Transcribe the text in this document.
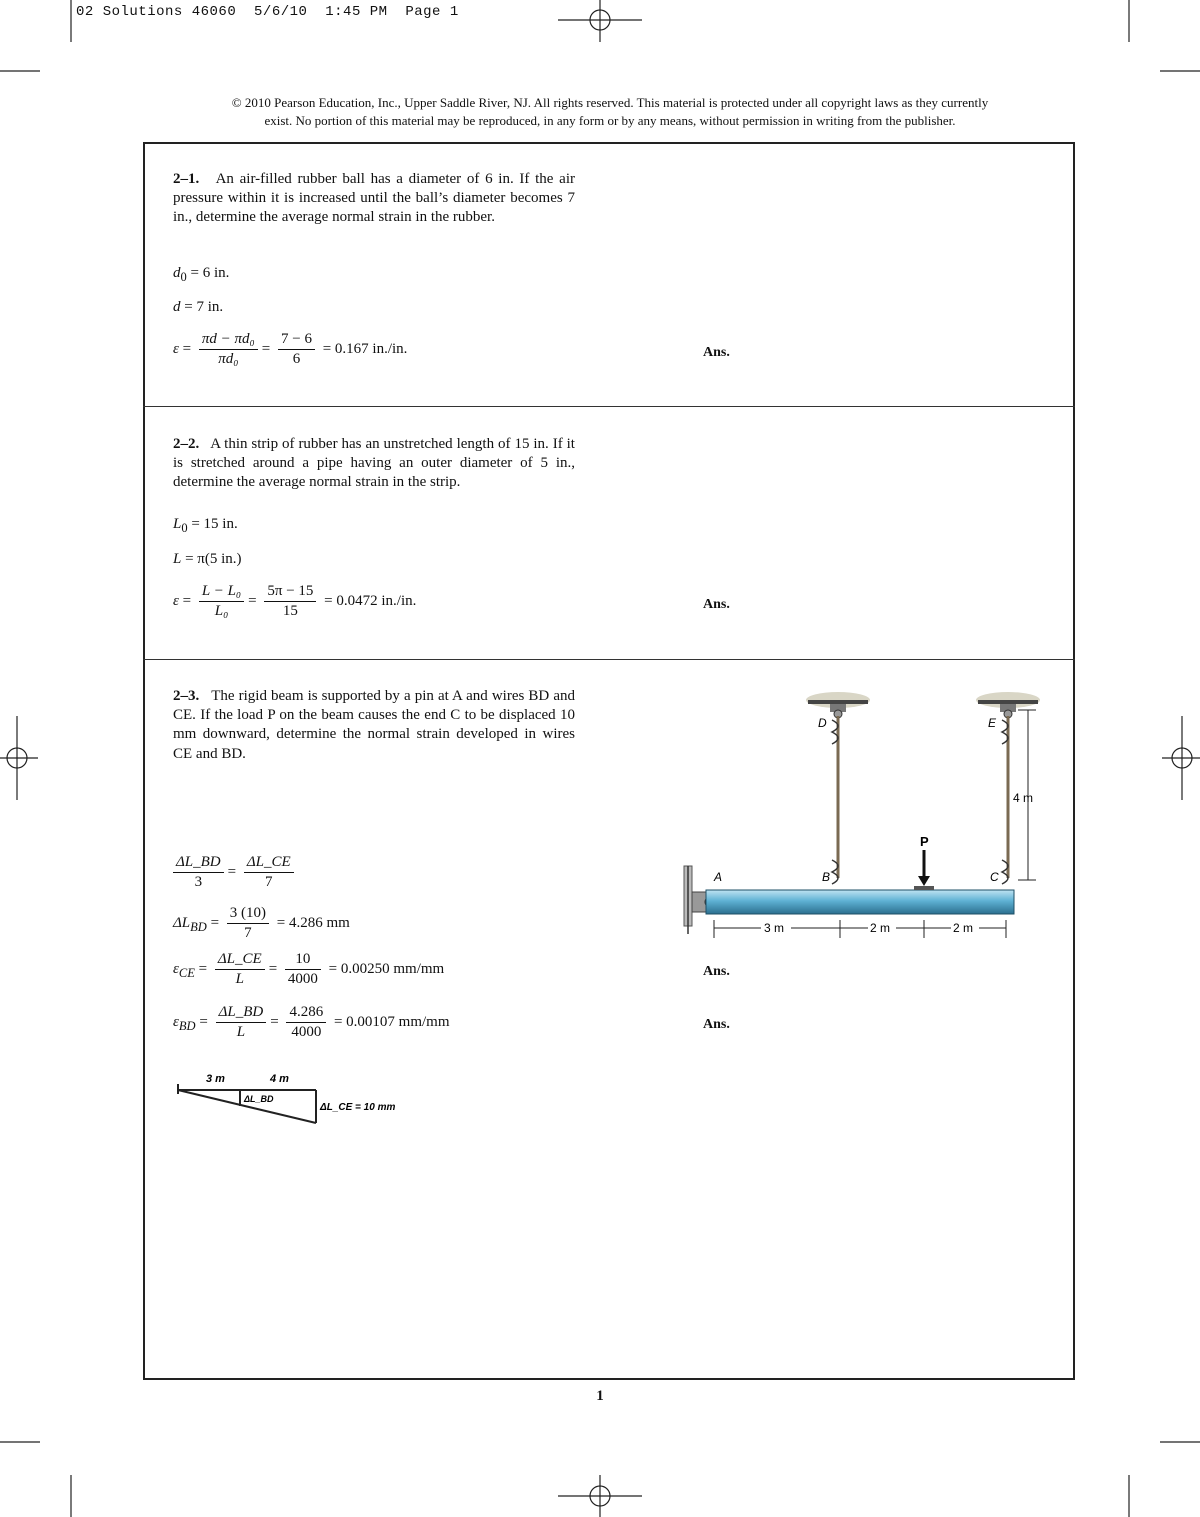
02 Solutions 46060  5/6/10  1:45 PM  Page 1
© 2010 Pearson Education, Inc., Upper Saddle River, NJ. All rights reserved. This material is protected under all copyright laws as they currently
exist. No portion of this material may be reproduced, in any form or by any means, without permission in writing from the publisher.
2–1. An air-filled rubber ball has a diameter of 6 in. If the air pressure within it is increased until the ball’s diameter becomes 7 in., determine the average normal strain in the rubber.
$d_0 = 6$ in.
d = 7 in.
$\varepsilon = \frac{\text{πd − πd₀}}{\text{πd₀}} = \frac{7 - 6}{6} = 0.167$ in./in.	Ans.
2–2. A thin strip of rubber has an unstretched length of 15 in. If it is stretched around a pipe having an outer diameter of 5 in., determine the average normal strain in the strip.
$L_0 = 15$ in.
L = π(5 in.)
$\varepsilon = \frac{\text{L − L₀}}{\text{L₀}} = \frac{5\pi - 15}{15} = 0.0472$ in./in.	Ans.
2–3. The rigid beam is supported by a pin at A and wires BD and CE. If the load P on the beam causes the end C to be displaced 10 mm downward, determine the normal strain developed in wires CE and BD.
$\frac{\Delta L\_BD}{3} = \frac{\Delta L\_CE}{7}$
$\Delta L_{BD} = \frac{3 (10)}{7} = 4.286$ mm
$\varepsilon_{CE} = \frac{\Delta L\_CE}{L} = \frac{10}{4000} = 0.00250$ mm/mm	Ans.
$\varepsilon_{BD} = \frac{\Delta L\_BD}{L} = \frac{4.286}{4000} = 0.00107$ mm/mm	Ans.
3 m	4 m
ΔL_BD
ΔL_CE = 10 mm
D	E
A	B	C
P
4 m
3 m	2 m	2 m
1
